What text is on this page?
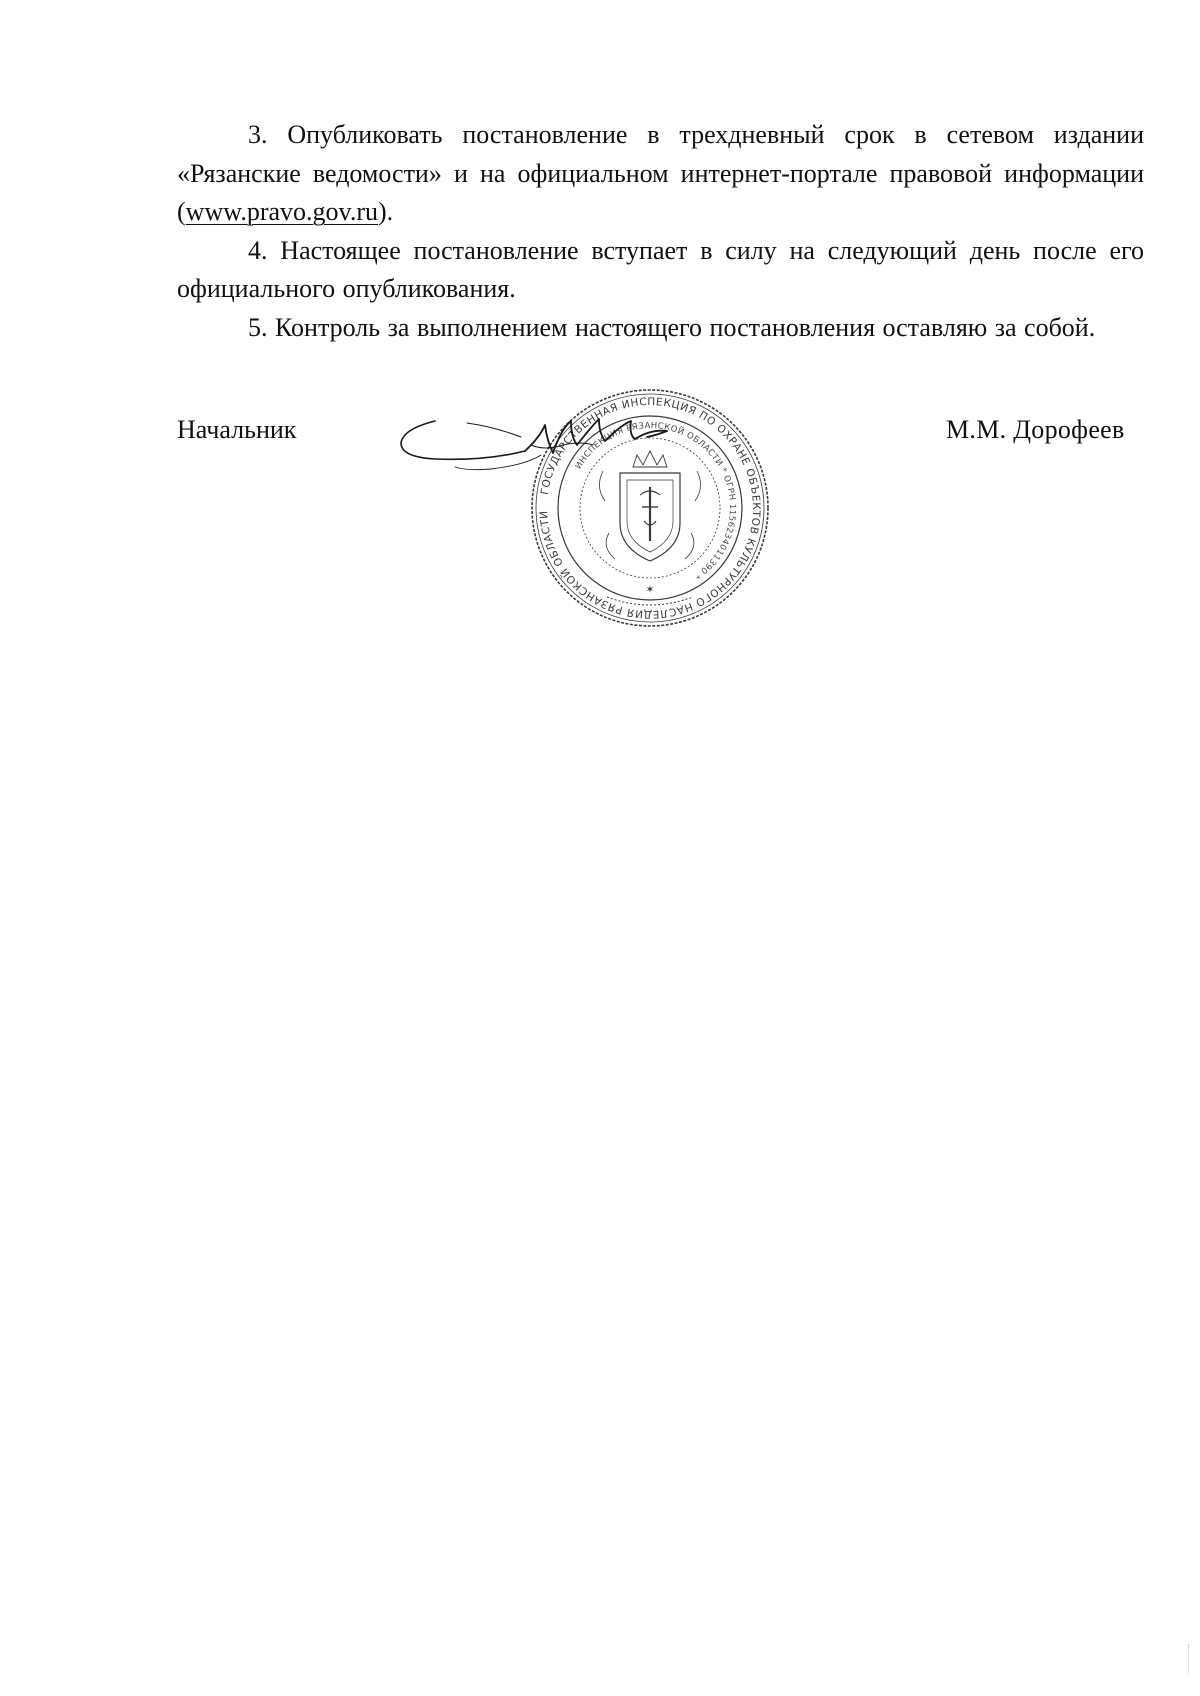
3. Опубликовать постановление в трехдневный срок в сетевом издании «Рязанские ведомости» и на официальном интернет-портале правовой информации (www.pravo.gov.ru).

4. Настоящее постановление вступает в силу на следующий день после его официального опубликования.

5. Контроль за выполнением настоящего постановления оставляю за собой.

Начальник	М.М. Дорофеев
ГОСУДАРСТВЕННАЯ ИНСПЕКЦИЯ ПО ОХРАНЕ ОБЪЕКТОВ КУЛЬТУРНОГО НАСЛЕДИЯ РЯЗАНСКОЙ ОБЛАСТИ
ИНСПЕКЦИЯ РЯЗАНСКОЙ ОБЛАСТИ * ОГРН 1156234011390 *
✶
